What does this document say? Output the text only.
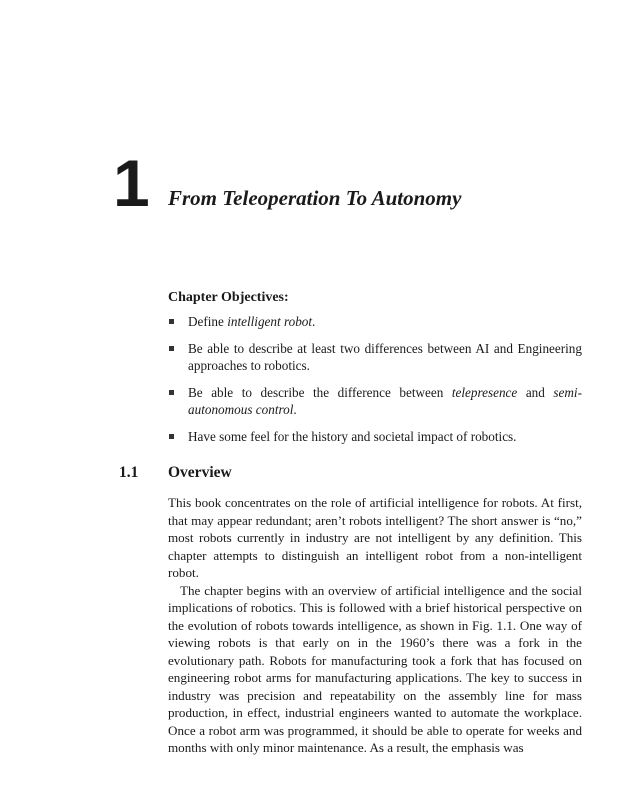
1 From Teleoperation To Autonomy
Chapter Objectives:
Define intelligent robot.
Be able to describe at least two differences between AI and Engineering approaches to robotics.
Be able to describe the difference between telepresence and semi-autonomous control.
Have some feel for the history and societal impact of robotics.
1.1 Overview

This book concentrates on the role of artificial intelligence for robots. At first, that may appear redundant; aren’t robots intelligent? The short answer is “no,” most robots currently in industry are not intelligent by any definition. This chapter attempts to distinguish an intelligent robot from a non-intelligent robot.

The chapter begins with an overview of artificial intelligence and the social implications of robotics. This is followed with a brief historical perspective on the evolution of robots towards intelligence, as shown in Fig. 1.1. One way of viewing robots is that early on in the 1960’s there was a fork in the evolutionary path. Robots for manufacturing took a fork that has focused on engineering robot arms for manufacturing applications. The key to success in industry was precision and repeatability on the assembly line for mass production, in effect, industrial engineers wanted to automate the workplace. Once a robot arm was programmed, it should be able to operate for weeks and months with only minor maintenance. As a result, the emphasis was
